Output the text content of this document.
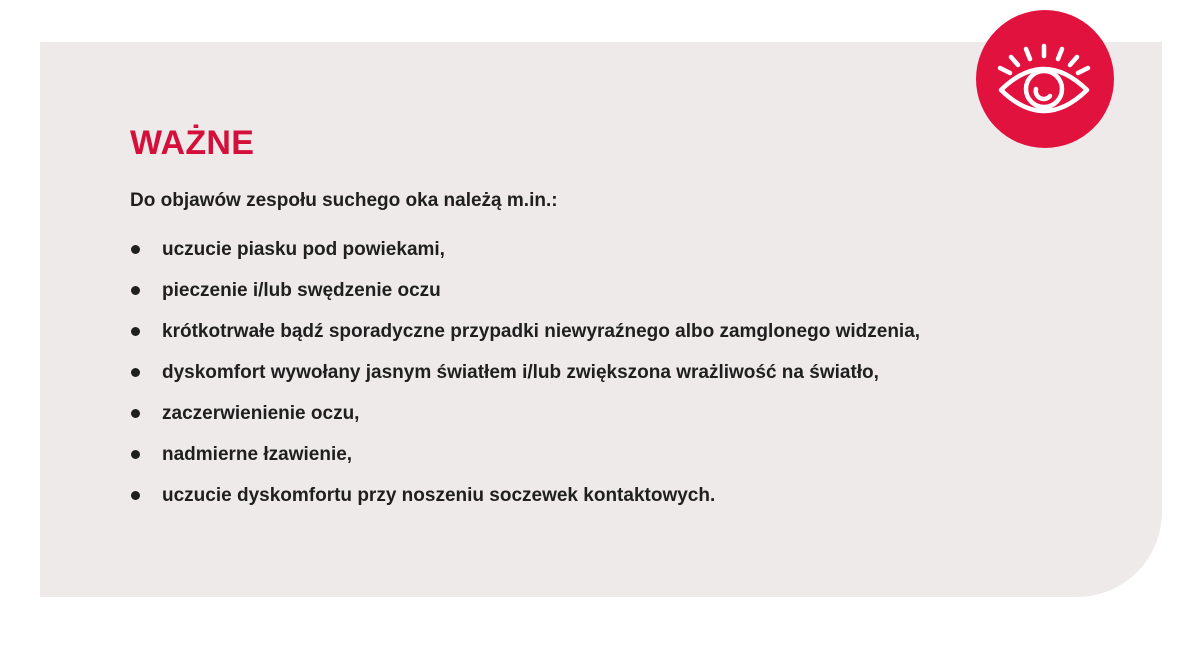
WAŻNE

Do objawów zespołu suchego oka należą m.in.:

uczucie piasku pod powiekami,
pieczenie i/lub swędzenie oczu
krótkotrwałe bądź sporadyczne przypadki niewyraźnego albo zamglonego widzenia,
dyskomfort wywołany jasnym światłem i/lub zwiększona wrażliwość na światło,
zaczerwienienie oczu,
nadmierne łzawienie,
uczucie dyskomfortu przy noszeniu soczewek kontaktowych.
